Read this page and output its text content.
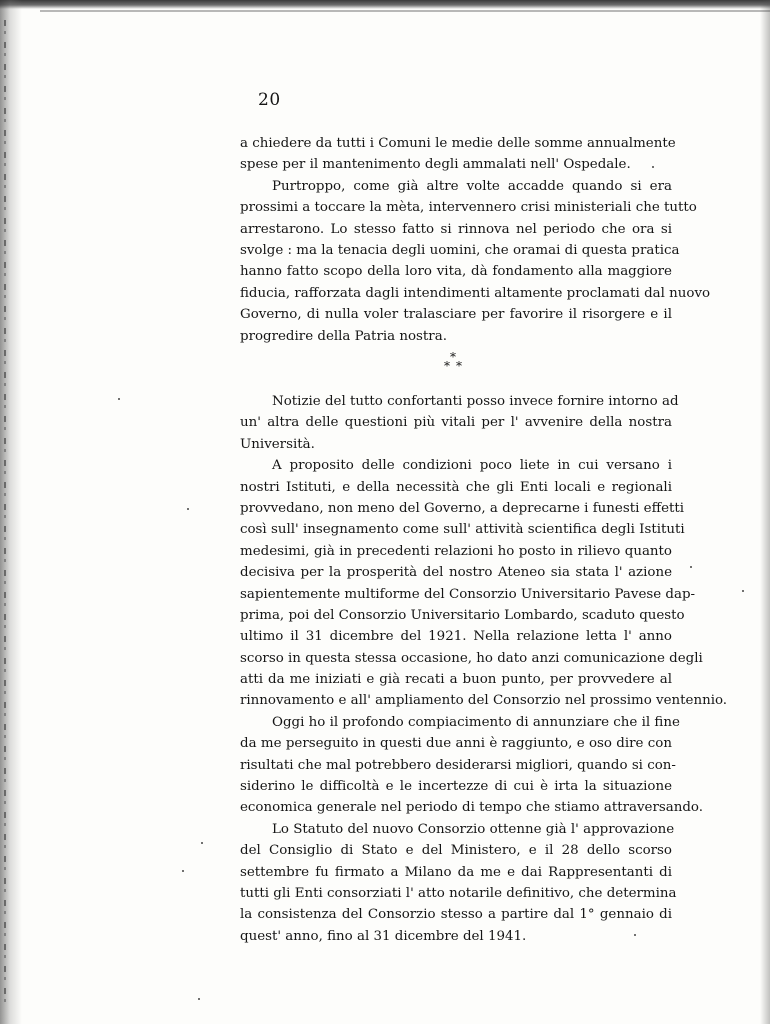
20
a chiedere da tutti i Comuni le medie delle somme annualmente
spese per il mantenimento degli ammalati nell' Ospedale.
Purtroppo, come già altre volte accadde quando si era
prossimi a toccare la mèta, intervennero crisi ministeriali che tutto
arrestarono. Lo stesso fatto si rinnova nel periodo che ora si
svolge : ma la tenacia degli uomini, che oramai di questa pratica
hanno fatto scopo della loro vita, dà fondamento alla maggiore
fiducia, rafforzata dagli intendimenti altamente proclamati dal nuovo
Governo, di nulla voler tralasciare per favorire il risorgere e il
progredire della Patria nostra.
*
* *
Notizie del tutto confortanti posso invece fornire intorno ad
un' altra delle questioni più vitali per l' avvenire della nostra
Università.
A proposito delle condizioni poco liete in cui versano i
nostri Istituti, e della necessità che gli Enti locali e regionali
provvedano, non meno del Governo, a deprecarne i funesti effetti
così sull' insegnamento come sull' attività scientifica degli Istituti
medesimi, già in precedenti relazioni ho posto in rilievo quanto
decisiva per la prosperità del nostro Ateneo sia stata l' azione
sapientemente multiforme del Consorzio Universitario Pavese dap-
prima, poi del Consorzio Universitario Lombardo, scaduto questo
ultimo il 31 dicembre del 1921. Nella relazione letta l' anno
scorso in questa stessa occasione, ho dato anzi comunicazione degli
atti da me iniziati e già recati a buon punto, per provvedere al
rinnovamento e all' ampliamento del Consorzio nel prossimo ventennio.
Oggi ho il profondo compiacimento di annunziare che il fine
da me perseguito in questi due anni è raggiunto, e oso dire con
risultati che mal potrebbero desiderarsi migliori, quando si con-
siderino le difficoltà e le incertezze di cui è irta la situazione
economica generale nel periodo di tempo che stiamo attraversando.
Lo Statuto del nuovo Consorzio ottenne già l' approvazione
del Consiglio di Stato e del Ministero, e il 28 dello scorso
settembre fu firmato a Milano da me e dai Rappresentanti di
tutti gli Enti consorziati l' atto notarile definitivo, che determina
la consistenza del Consorzio stesso a partire dal 1° gennaio di
quest' anno, fino al 31 dicembre del 1941.
